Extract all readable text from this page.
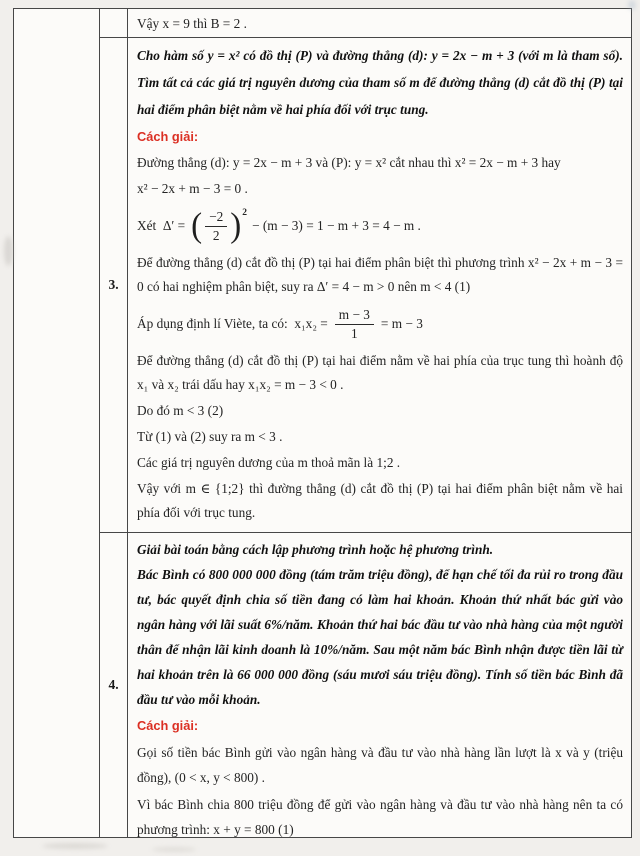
Vậy x = 9 thì B = 2 .
3.

Cho hàm số y = x² có đồ thị (P) và đường thẳng (d): y = 2x − m + 3 (với m là tham số). Tìm tất cả các giá trị nguyên dương của tham số m để đường thẳng (d) cắt đồ thị (P) tại hai điểm phân biệt nằm về hai phía đối với trục tung.

Cách giải:

Đường thẳng (d): y = 2x − m + 3 và (P): y = x² cắt nhau thì x² = 2x − m + 3 hay
x² − 2x + m − 3 = 0 .
Xét  Δ′ = ( $\frac{-2}{2}$ ) 2
− (m − 3) = 1 − m + 3 = 4 − m .
Để đường thẳng (d) cắt đồ thị (P) tại hai điểm phân biệt thì phương trình x² − 2x + m − 3 = 0 có hai nghiệm phân biệt, suy ra Δ′ = 4 − m > 0 nên m < 4 (1)
Áp dụng định lí Viète, ta có:  $x_1x_2 = \frac{m - 3}{1} = m - 3$
Để đường thẳng (d) cắt đồ thị (P) tại hai điểm nằm về hai phía của trục tung thì hoành độ x₁ và x₂ trái dấu hay x₁x₂ = m − 3 < 0 .
Do đó m < 3 (2)
Từ (1) và (2) suy ra m < 3 .
Các giá trị nguyên dương của m thoả mãn là 1;2 .
Vậy với m ∈ {1;2} thì đường thẳng (d) cắt đồ thị (P) tại hai điểm phân biệt nằm về hai phía đối với trục tung.
4.

Giải bài toán bằng cách lập phương trình hoặc hệ phương trình.

Bác Bình có 800 000 000 đồng (tám trăm triệu đồng), để hạn chế tối đa rủi ro trong đầu tư, bác quyết định chia số tiền đang có làm hai khoản. Khoản thứ nhất bác gửi vào ngân hàng với lãi suất 6%/năm. Khoản thứ hai bác đầu tư vào nhà hàng của một người thân để nhận lãi kinh doanh là 10%/năm. Sau một năm bác Bình nhận được tiền lãi từ hai khoản trên là 66 000 000 đồng (sáu mươi sáu triệu đồng). Tính số tiền bác Bình đã đầu tư vào mỗi khoản.

Cách giải:

Gọi số tiền bác Bình gửi vào ngân hàng và đầu tư vào nhà hàng lần lượt là x và y (triệu đồng), (0 < x, y < 800) .
Vì bác Bình chia 800 triệu đồng để gửi vào ngân hàng và đầu tư vào nhà hàng nên ta có phương trình: x + y = 800 (1)
